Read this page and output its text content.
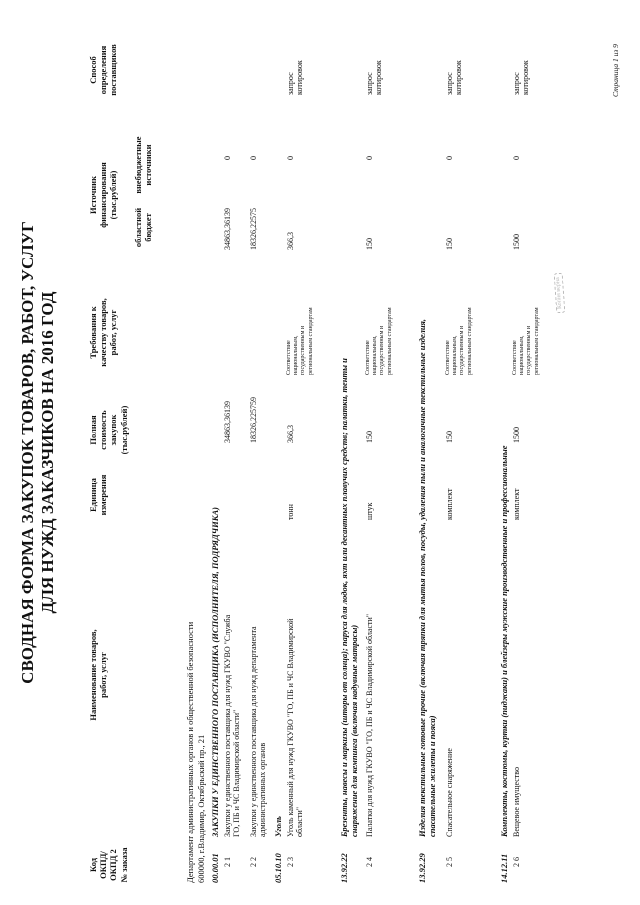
СВОДНАЯ ФОРМА ЗАКУПОК ТОВАРОВ, РАБОТ, УСЛУГ ДЛЯ НУЖД ЗАКАЗЧИКОВ НА 2016 ГОД
Код ОКПД/ ОКПД 2 № заказа
Наименование товаров, работ, услуг
Единица измерения
Полная стоимость закупок (тыс.рублей)
Требования к качеству товаров, работ, услуг
Источник финансирования (тыс.рублей)
областной бюджет
внебюджетные источники
Способ определения поставщиков
Департамент административных органов и общественной безопасности 600000, г.Владимир, Октябрьский пр., 21 00.00.01
ЗАКУПКИ У ЕДИНСТВЕННОГО ПОСТАВЩИКА (ИСПОЛНИТЕЛЯ, ПОДРЯДЧИКА)
2 1
Закупки у единственного поставщика для нужд ГКУВО "Служба ГО, ПБ и ЧС Владимирской области"
34863,36139
34863,36139
0
2 2
Закупки у единственного поставщика для нужд департамента административных органов
18326,225759
18326,22575
0
05.10.10
Уголь
2 3
Уголь каменный для нужд ГКУВО "ГО, ПБ и ЧС Владимирской области"
тонн
366,3
Соответствие национальным, государственным и региональным стандартам
366,3
0
запрос котировок
13.92.22
Брезенты, навесы и маркизы (шторы от солнца); паруса для лодок, яхт или десантных плавучих средств; палатки, тенты и снаряжение для кемпинга (включая надувные матрасы)
2 4
Палатки для нужд ГКУВО "ГО, ПБ и ЧС Владимирской области"
штук
150
Соответствие национальным, государственным и региональным стандартам
150
0
запрос котировок
13.92.29
Изделия текстильные готовые прочие (включая тряпки для мытья полов, посуды, удаления пыли и аналогичные текстильные изделия, спасательные жилеты и пояса)
2 5
Спасательное снаряжение
комплект
150
Соответствие национальным, государственным и региональным стандартам
150
0
запрос котировок
14.12.11
Комплекты, костюмы, куртки (пиджаки) и блейзеры мужские производственные и профессиональные
2 6
Вещевое имущество
комплект
1500
Соответствие национальным, государственным и региональным стандартам
1500
0
запрос котировок
Копия верна
Страница 1 из 9
